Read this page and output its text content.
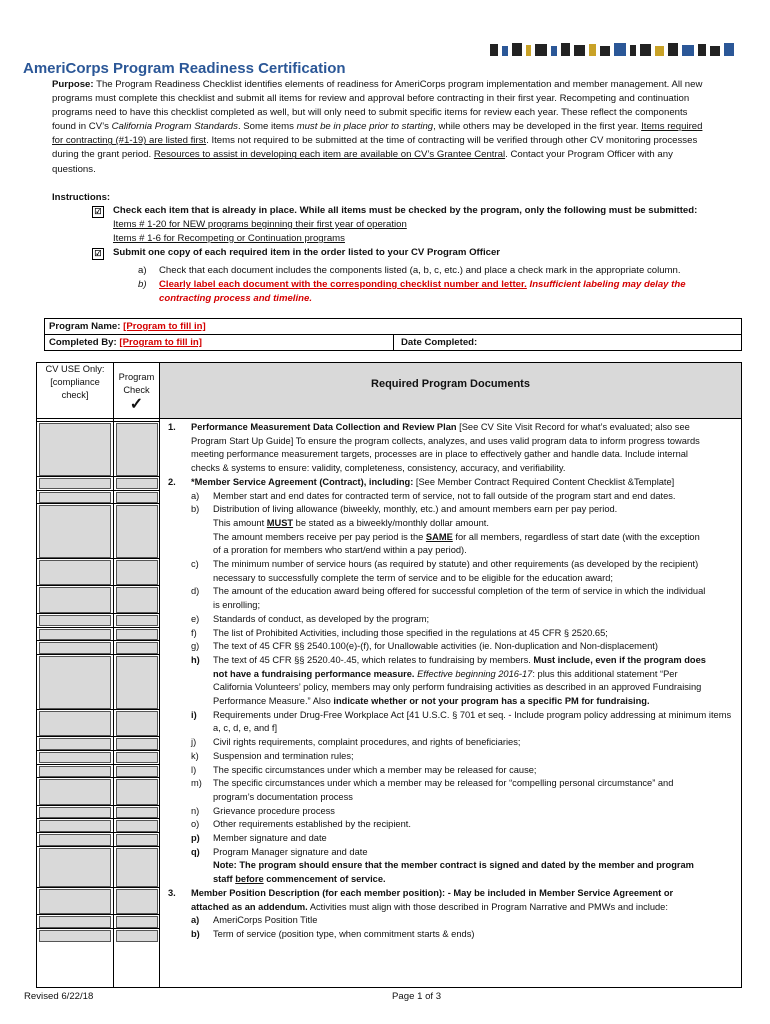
AmeriCorps Program Readiness Certification
Purpose: The Program Readiness Checklist identifies elements of readiness for AmeriCorps program implementation and member management. All new programs must complete this checklist and submit all items for review and approval before contracting in their first year. Recompeting and continuation programs need to have this checklist completed as well, but will only need to submit specific items for review each year. These reflect the components found in CV’s California Program Standards. Some items must be in place prior to starting, while others may be developed in the first year. Items required for contracting (#1-19) are listed first. Items not required to be submitted at the time of contracting will be verified through other CV monitoring processes during the grant period. Resources to assist in developing each item are available on CV’s Grantee Central. Contact your Program Officer with any questions.
Instructions:
☑ Check each item that is already in place. While all items must be checked by the program, only the following must be submitted:
Items # 1-20 for NEW programs beginning their first year of operation
Items # 1-6 for Recompeting or Continuation programs
☑ Submit one copy of each required item in the order listed to your CV Program Officer
a) Check that each document includes the components listed (a, b, c, etc.) and place a check mark in the appropriate column.
b) Clearly label each document with the corresponding checklist number and letter. Insufficient labeling may delay the
contracting process and timeline.
Program Name: [Program to fill in]
Completed By: [Program to fill in]	Date Completed:
CV USE Only: [compliance check]
Program Check
✓
Required Program Documents
1. Performance Measurement Data Collection and Review Plan [See CV Site Visit Record for what’s evaluated; also see
Program Start Up Guide] To ensure the program collects, analyzes, and uses valid program data to inform progress towards
meeting performance measurement targets, processes are in place to effectively gather and handle data. Include internal
checks & systems to ensure: validity, completeness, consistency, accuracy, and verifiability.
2. *Member Service Agreement (Contract), including: [See Member Contract Required Content Checklist &Template]
a) Member start and end dates for contracted term of service, not to fall outside of the program start and end dates.
b) Distribution of living allowance (biweekly, monthly, etc.) and amount members earn per pay period.
This amount MUST be stated as a biweekly/monthly dollar amount.
The amount members receive per pay period is the SAME for all members, regardless of start date (with the exception
of a proration for members who start/end within a pay period).
c) The minimum number of service hours (as required by statute) and other requirements (as developed by the recipient)
necessary to successfully complete the term of service and to be eligible for the education award;
d) The amount of the education award being offered for successful completion of the term of service in which the individual
is enrolling;
e) Standards of conduct, as developed by the program;
f) The list of Prohibited Activities, including those specified in the regulations at 45 CFR § 2520.65;
g) The text of 45 CFR §§ 2540.100(e)-(f), for Unallowable activities (ie. Non-duplication and Non-displacement)
h) The text of 45 CFR §§ 2520.40-.45, which relates to fundraising by members. Must include, even if the program does
not have a fundraising performance measure. Effective beginning 2016-17: plus this additional statement “Per
California Volunteers’ policy, members may only perform fundraising activities as described in an approved Fundraising
Performance Measure.” Also indicate whether or not your program has a specific PM for fundraising.
i) Requirements under Drug-Free Workplace Act [41 U.S.C. § 701 et seq. - Include program policy addressing at minimum items
a, c, d, e, and f]
j) Civil rights requirements, complaint procedures, and rights of beneficiaries;
k) Suspension and termination rules;
l) The specific circumstances under which a member may be released for cause;
m) The specific circumstances under which a member may be released for “compelling personal circumstance” and
program’s documentation process
n) Grievance procedure process
o) Other requirements established by the recipient.
p) Member signature and date
q) Program Manager signature and date
Note: The program should ensure that the member contract is signed and dated by the member and program
staff before commencement of service.
3. Member Position Description (for each member position): - May be included in Member Service Agreement or
attached as an addendum. Activities must align with those described in Program Narrative and PMWs and include:
a) AmeriCorps Position Title
b) Term of service (position type, when commitment starts & ends)
Revised 6/22/18	Page 1 of 3
